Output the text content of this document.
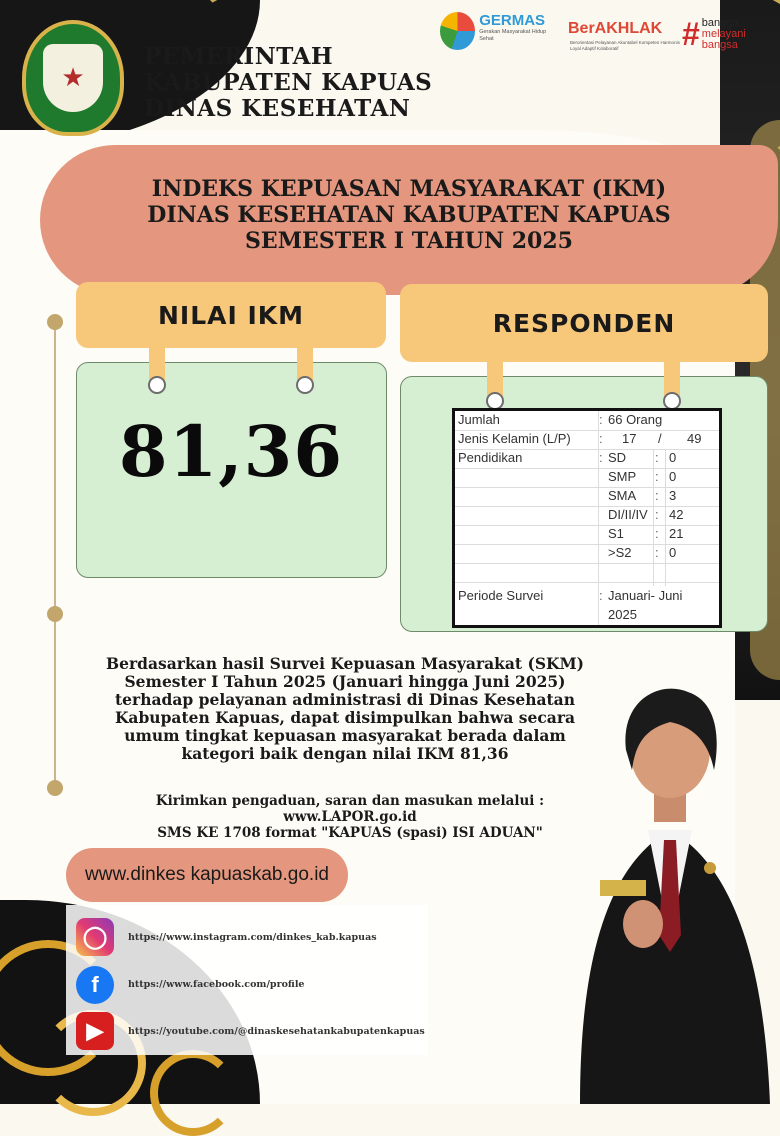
★
PEMERINTAH
KABUPATEN KAPUAS
DINAS KESEHATAN
GERMAS
Gerakan Masyarakat Hidup Sehat
BerAKHLAK
Berorientasi Pelayanan Akuntabel Kompeten Harmonis Loyal Adaptif Kolaboratif	# bangga
melayani
bangsa
INDEKS KEPUASAN MASYARAKAT (IKM)
DINAS KESEHATAN KABUPATEN KAPUAS
SEMESTER I TAHUN 2025
NILAI IKM
81,36
RESPONDEN
Jumlah	: 66 Orang
Jenis Kelamin (L/P) : 17 / 49
Pendidikan	: SD : 0
SMP : 0
SMA : 3
DI/II/IV : 42
S1 : 21
>S2 : 0
Periode Survei	: Januari- Juni
2025
Berdasarkan hasil Survei Kepuasan Masyarakat (SKM)
Semester I Tahun 2025 (Januari hingga Juni 2025)
terhadap pelayanan administrasi di Dinas Kesehatan
Kabupaten Kapuas, dapat disimpulkan bahwa secara
umum tingkat kepuasan masyarakat berada dalam
kategori baik dengan nilai IKM 81,36
Kirimkan pengaduan, saran dan masukan melalui :
www.LAPOR.go.id
SMS KE 1708 format "KAPUAS (spasi) ISI ADUAN"
www.dinkes kapuaskab.go.id
◯	https://www.instagram.com/dinkes_kab.kapuas
f	https://www.facebook.com/profile
▶	https://youtube.com/@dinaskesehatankabupatenkapuas
